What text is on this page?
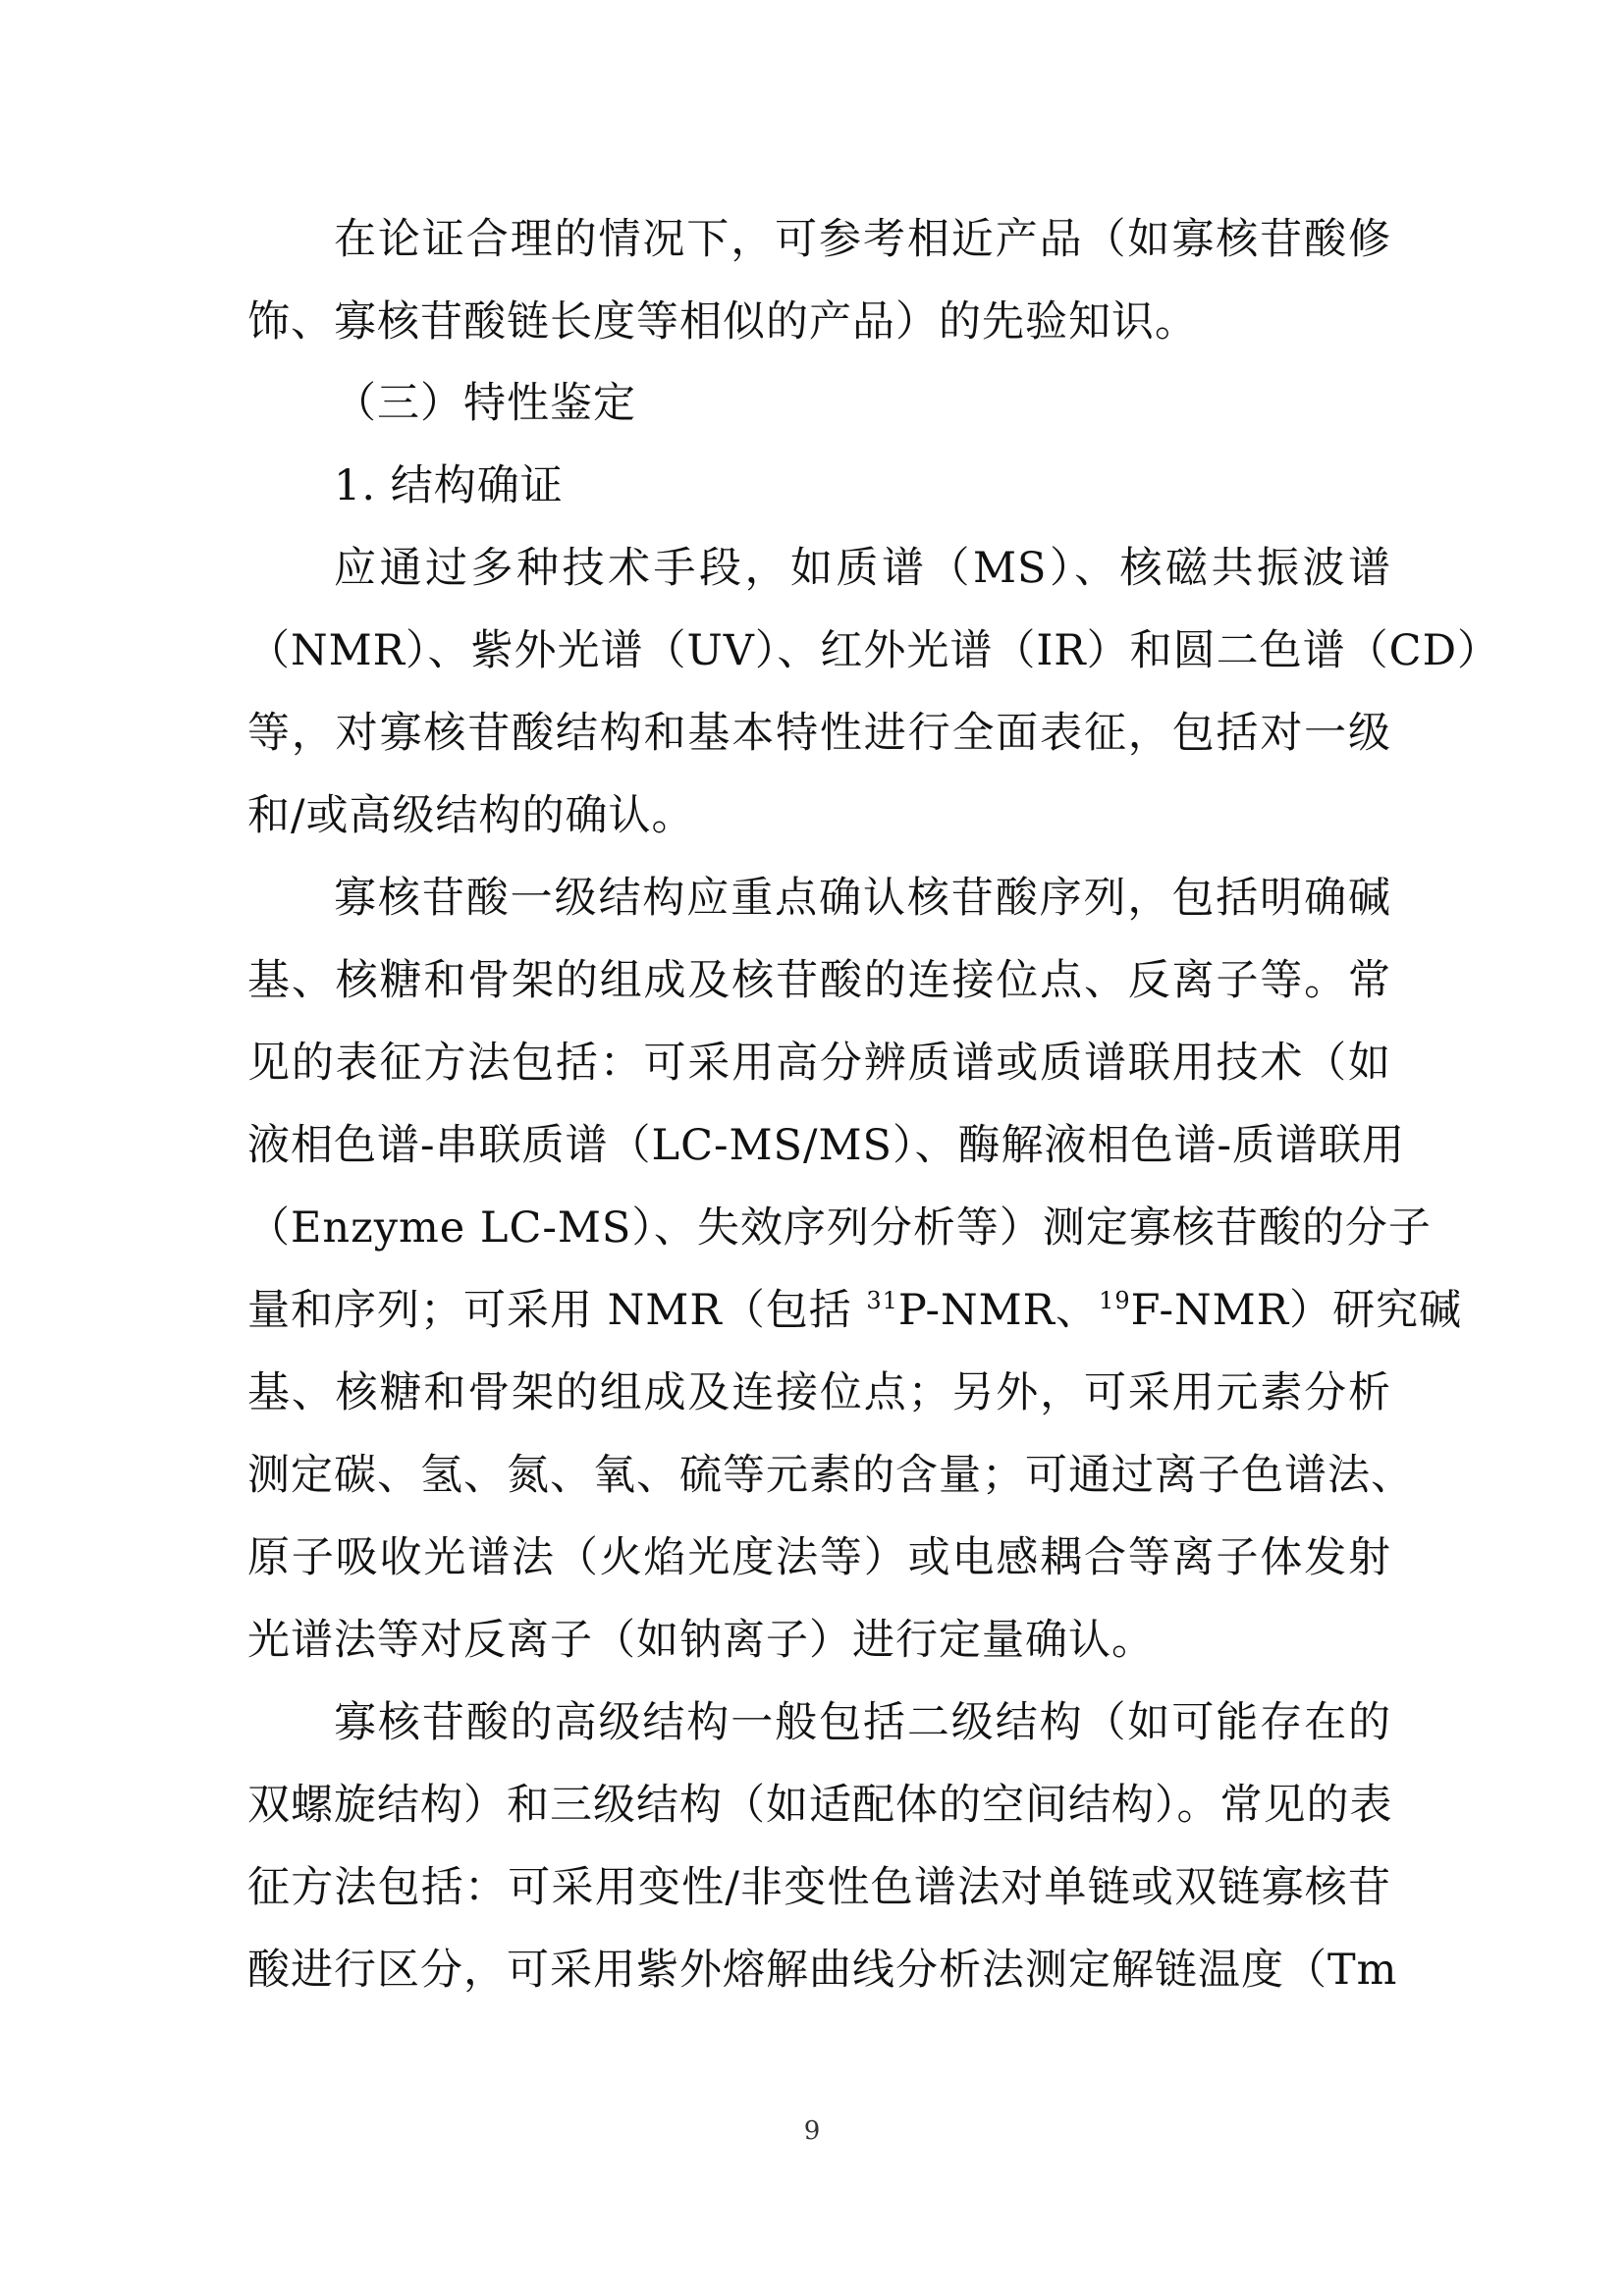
在论证合理的情况下，可参考相近产品（如寡核苷酸修

饰、寡核苷酸链长度等相似的产品）的先验知识。

（三）特性鉴定

1. 结构确证

应通过多种技术手段，如质谱（MS）、核磁共振波谱

（NMR）、紫外光谱（UV）、红外光谱（IR）和圆二色谱（CD）

等，对寡核苷酸结构和基本特性进行全面表征，包括对一级

和/或高级结构的确认。

寡核苷酸一级结构应重点确认核苷酸序列，包括明确碱

基、核糖和骨架的组成及核苷酸的连接位点、反离子等。常

见的表征方法包括：可采用高分辨质谱或质谱联用技术（如

液相色谱-串联质谱（LC-MS/MS）、酶解液相色谱-质谱联用

（Enzyme LC-MS）、失效序列分析等）测定寡核苷酸的分子

量和序列；可采用 NMR（包括 $^{31}$P-NMR、$^{19}$F-NMR）研究碱

基、核糖和骨架的组成及连接位点；另外，可采用元素分析

测定碳、氢、氮、氧、硫等元素的含量；可通过离子色谱法、

原子吸收光谱法（火焰光度法等）或电感耦合等离子体发射

光谱法等对反离子（如钠离子）进行定量确认。

寡核苷酸的高级结构一般包括二级结构（如可能存在的

双螺旋结构）和三级结构（如适配体的空间结构）。常见的表

征方法包括：可采用变性/非变性色谱法对单链或双链寡核苷

酸进行区分，可采用紫外熔解曲线分析法测定解链温度（Tm

9
